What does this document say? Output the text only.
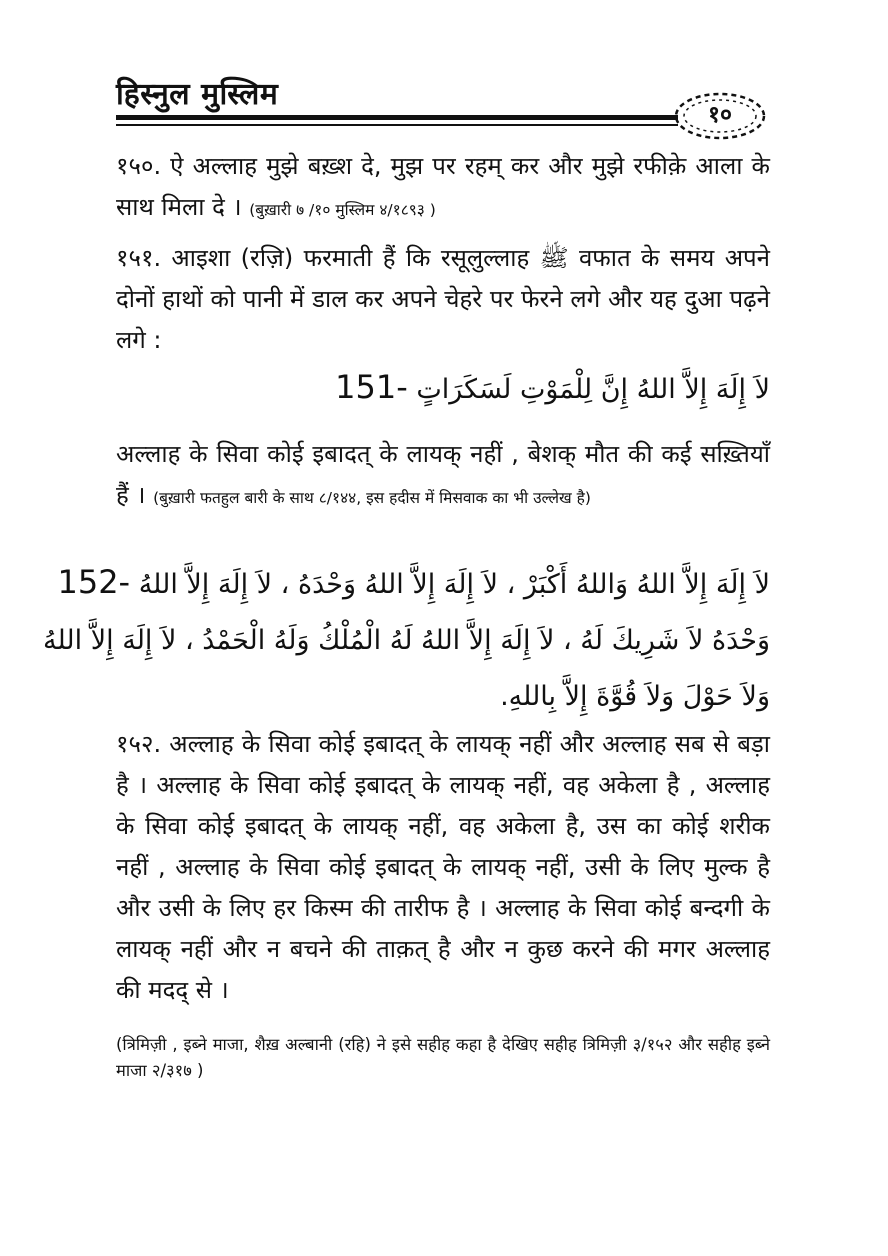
हिस्नुल मुस्लिम
१०
१५०. ऐ अल्लाह मुझे बख़्श दे, मुझ पर रहम् कर और मुझे रफीके़ आला के साथ मिला दे । (बुख़ारी ७ /१० मुस्लिम ४/१८९३ )
१५१. आइशा (रज़ि) फरमाती हैं कि रसूलुल्लाह ﷺ वफात के समय अपने दोनों हाथों को पानी में डाल कर अपने चेहरे पर फेरने लगे और यह दुआ पढ़ने लगे :
لاَ إِلَهَ إِلاَّ اللهُ إِنَّ لِلْمَوْتِ لَسَكَرَاتٍ 151-
अल्लाह के सिवा कोई इबादत् के लायक् नहीं , बेशक् मौत की कई सख़्तियाँ हैं । (बुख़ारी फतहुल बारी के साथ ८/१४४, इस हदीस में मिसवाक का भी उल्लेख है)
لاَ إِلَهَ إِلاَّ اللهُ وَاللهُ أَكْبَرْ ، لاَ إِلَهَ إِلاَّ اللهُ وَحْدَهُ ، لاَ إِلَهَ إِلاَّ اللهُ 152-
وَحْدَهُ لاَ شَرِيكَ لَهُ ، لاَ إِلَهَ إِلاَّ اللهُ لَهُ الْمُلْكُ وَلَهُ الْحَمْدُ ، لاَ إِلَهَ إِلاَّ اللهُ
وَلاَ حَوْلَ وَلاَ قُوَّةَ إِلاَّ بِاللهِ.
१५२. अल्लाह के सिवा कोई इबादत् के लायक् नहीं और अल्लाह सब से बड़ा है । अल्लाह के सिवा कोई इबादत् के लायक् नहीं, वह अकेला है , अल्लाह के सिवा कोई इबादत् के लायक् नहीं, वह अकेला है, उस का कोई शरीक नहीं , अल्लाह के सिवा कोई इबादत् के लायक् नहीं, उसी के लिए मुल्क है और उसी के लिए हर किस्म की तारीफ है । अल्लाह के सिवा कोई बन्दगी के लायक् नहीं और न बचने की ताक़त् है और न कुछ करने की मगर अल्लाह की मदद् से ।
(त्रिमिज़ी , इब्ने माजा, शैख़ अल्बानी (रहि) ने इसे सहीह कहा है देखिए सहीह त्रिमिज़ी ३/१५२ और सहीह इब्ने माजा २/३१७ )
